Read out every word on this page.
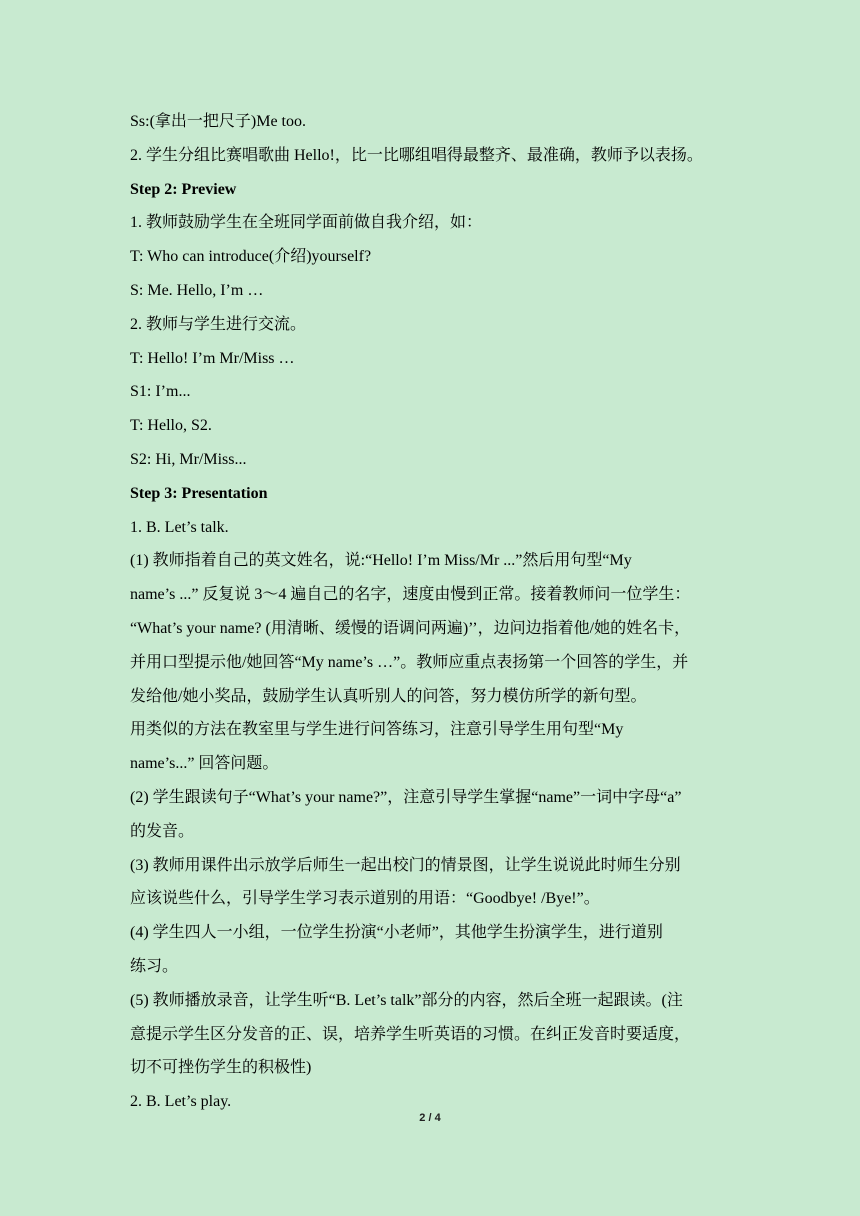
Ss:(拿出一把尺子)Me too.
2. 学生分组比赛唱歌曲 Hello!，比一比哪组唱得最整齐、最准确，教师予以表扬。
Step 2: Preview
1. 教师鼓励学生在全班同学面前做自我介绍，如：
T: Who can introduce(介绍)yourself?
S: Me. Hello, I’m …
2. 教师与学生进行交流。
T: Hello! I’m Mr/Miss …
S1: I’m...
T: Hello, S2.
S2: Hi, Mr/Miss...
Step 3: Presentation
1. B. Let’s talk.
(1) 教师指着自己的英文姓名，说:“Hello! I’m Miss/Mr ...”然后用句型“My
name’s ...” 反复说 3～4 遍自己的名字，速度由慢到正常。接着教师问一位学生：
“What’s your name? (用清晰、缓慢的语调问两遍)’’，边问边指着他/她的姓名卡，
并用口型提示他/她回答“My name’s …”。教师应重点表扬第一个回答的学生，并
发给他/她小奖品，鼓励学生认真听别人的问答，努力模仿所学的新句型。
用类似的方法在教室里与学生进行问答练习，注意引导学生用句型“My
name’s...” 回答问题。
(2) 学生跟读句子“What’s your name?”，注意引导学生掌握“name”一词中字母“a”
的发音。
(3) 教师用课件出示放学后师生一起出校门的情景图，让学生说说此时师生分别
应该说些什么，引导学生学习表示道别的用语：“Goodbye! /Bye!”。
(4) 学生四人一小组，一位学生扮演“小老师”，其他学生扮演学生，进行道别
练习。
(5) 教师播放录音，让学生听“B. Let’s talk”部分的内容，然后全班一起跟读。(注
意提示学生区分发音的正、误，培养学生听英语的习惯。在纠正发音时要适度，
切不可挫伤学生的积极性)
2. B. Let’s play.
2 / 4
